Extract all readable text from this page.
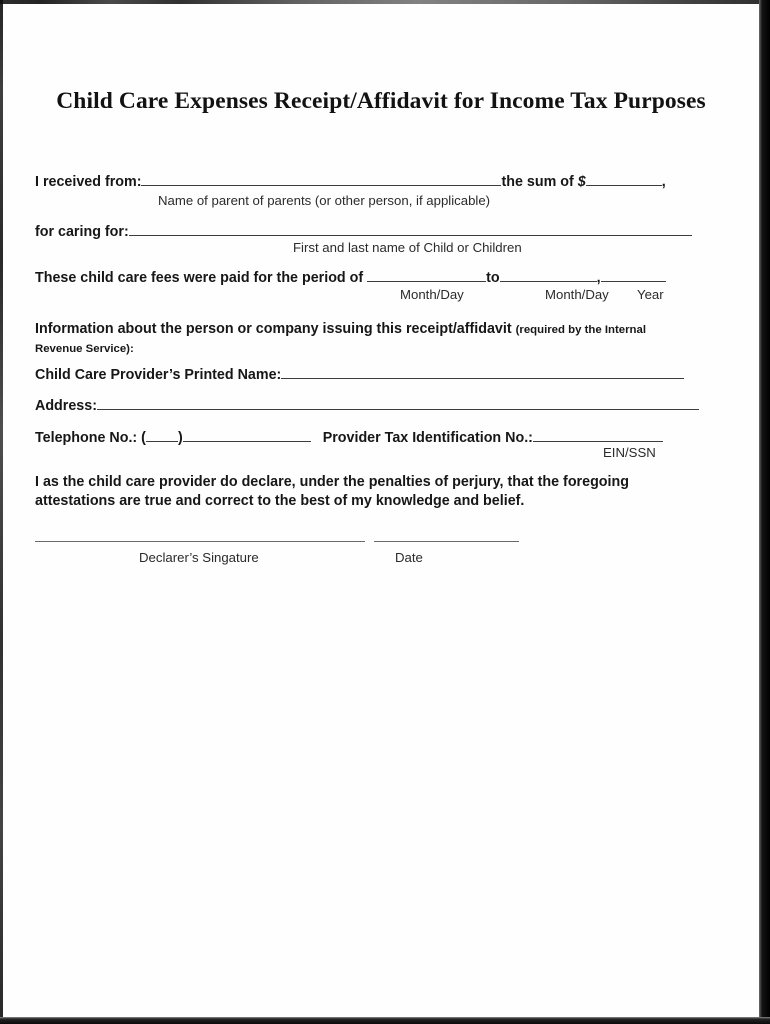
Child Care Expenses Receipt/Affidavit for Income Tax Purposes
I received from:	the sum of $	,
Name of parent of parents (or other person, if applicable)
for caring for:
First and last name of Child or Children
These child care fees were paid for the period of	to	,
Month/Day	Month/Day Year
Information about the person or company issuing this receipt/affidavit (required by the Internal Revenue Service):
Child Care Provider’s Printed Name:
Address:
Telephone No.: ( )	Provider Tax Identification No.:
EIN/SSN
I as the child care provider do declare, under the penalties of perjury, that the foregoing attestations are true and correct to the best of my knowledge and belief.
Declarer’s Singature	Date
